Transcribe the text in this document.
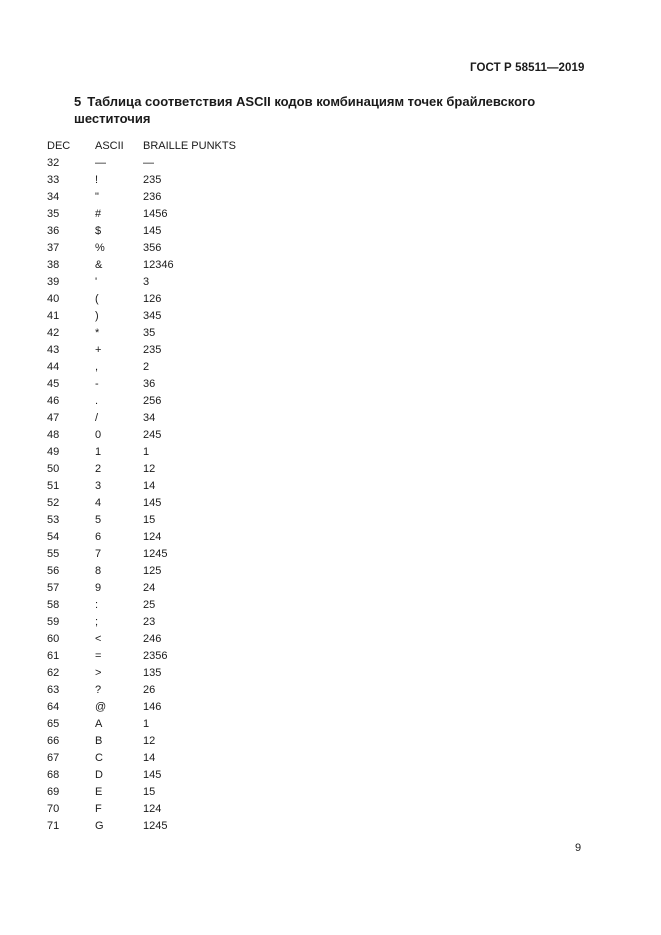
ГОСТ Р 58511—2019
5 Таблица соответствия ASCII кодов комбинациям точек брайлевского шеститочия
DEC	ASCII	BRAILLE PUNKTS
32	—	—
33	!	235
34	"	236
35	#	1456
36	$	145
37	%	356
38	&	12346
39	'	3
40	(	126
41	)	345
42	*	35
43	+	235
44	,	2
45	-	36
46	.	256
47	/	34
48	0	245
49	1	1
50	2	12
51	3	14
52	4	145
53	5	15
54	6	124
55	7	1245
56	8	125
57	9	24
58	:	25
59	;	23
60	<	246
61	=	2356
62	>	135
63	?	26
64	@	146
65	A	1
66	B	12
67	C	14
68	D	145
69	E	15
70	F	124
71	G	1245
9
